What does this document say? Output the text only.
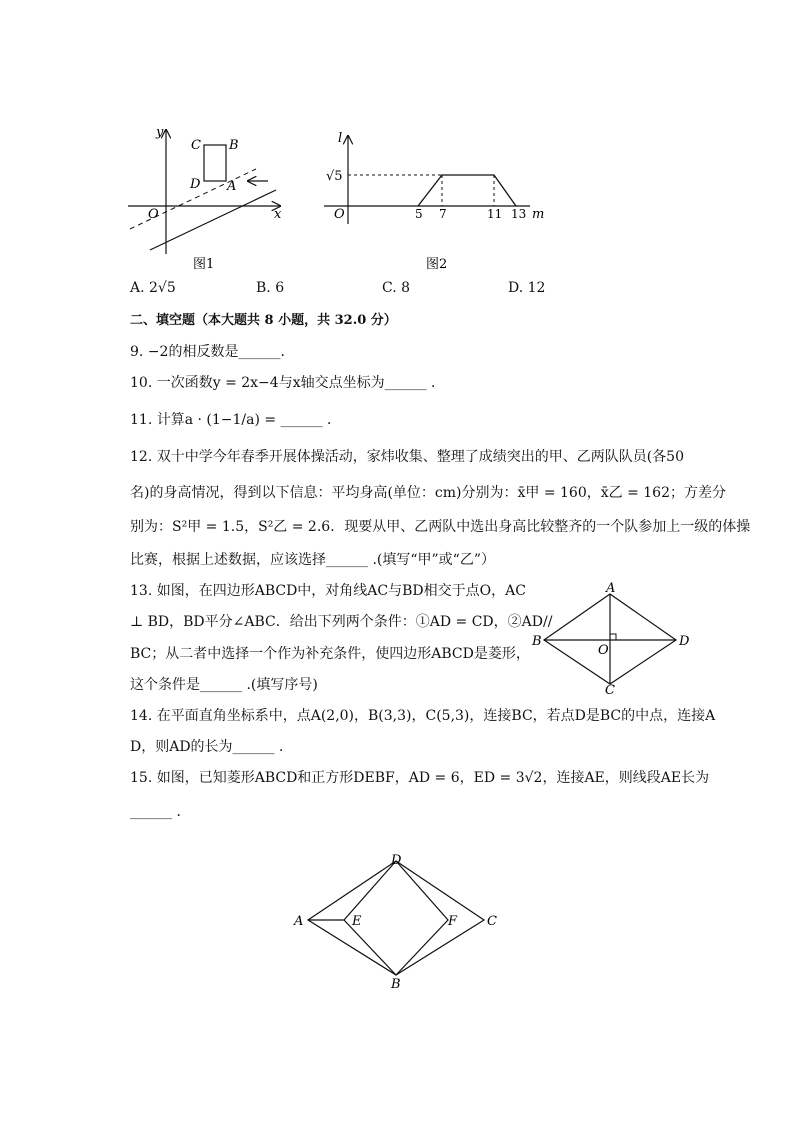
y
x
O
C B
D A
图1
l
√5
O	5 7	11 13 m
图2
A. 2√5	B. 6	C. 8	D. 12
二、填空题（本大题共 8 小题，共 32.0 分）
9. −2的相反数是______．
10. 一次函数y = 2x−4与x轴交点坐标为______ ．
11. 计算a · (1−1/a) = ______ ．
12. 双十中学今年春季开展体操活动，家炜收集、整理了成绩突出的甲、乙两队队员(各50
名)的身高情况，得到以下信息：平均身高(单位：cm)分别为：x̄甲 = 160，x̄乙 = 162；方差分
别为：S²甲 = 1.5，S²乙 = 2.6．现要从甲、乙两队中选出身高比较整齐的一个队参加上一级的体操
比赛，根据上述数据，应该选择______ .(填写“甲”或“乙”）
13. 如图，在四边形ABCD中，对角线AC与BD相交于点O，AC
⊥ BD，BD平分∠ABC．给出下列两个条件：①AD = CD，②AD//
BC；从二者中选择一个作为补充条件，使四边形ABCD是菱形，
这个条件是______ .(填写序号)
A
B	D
O
C
14. 在平面直角坐标系中，点A(2,0)，B(3,3)，C(5,3)，连接BC，若点D是BC的中点，连接A
D，则AD的长为______ ．
15. 如图，已知菱形ABCD和正方形DEBF，AD = 6，ED = 3√2，连接AE，则线段AE长为
______ ．
D
A	E	F C
B
